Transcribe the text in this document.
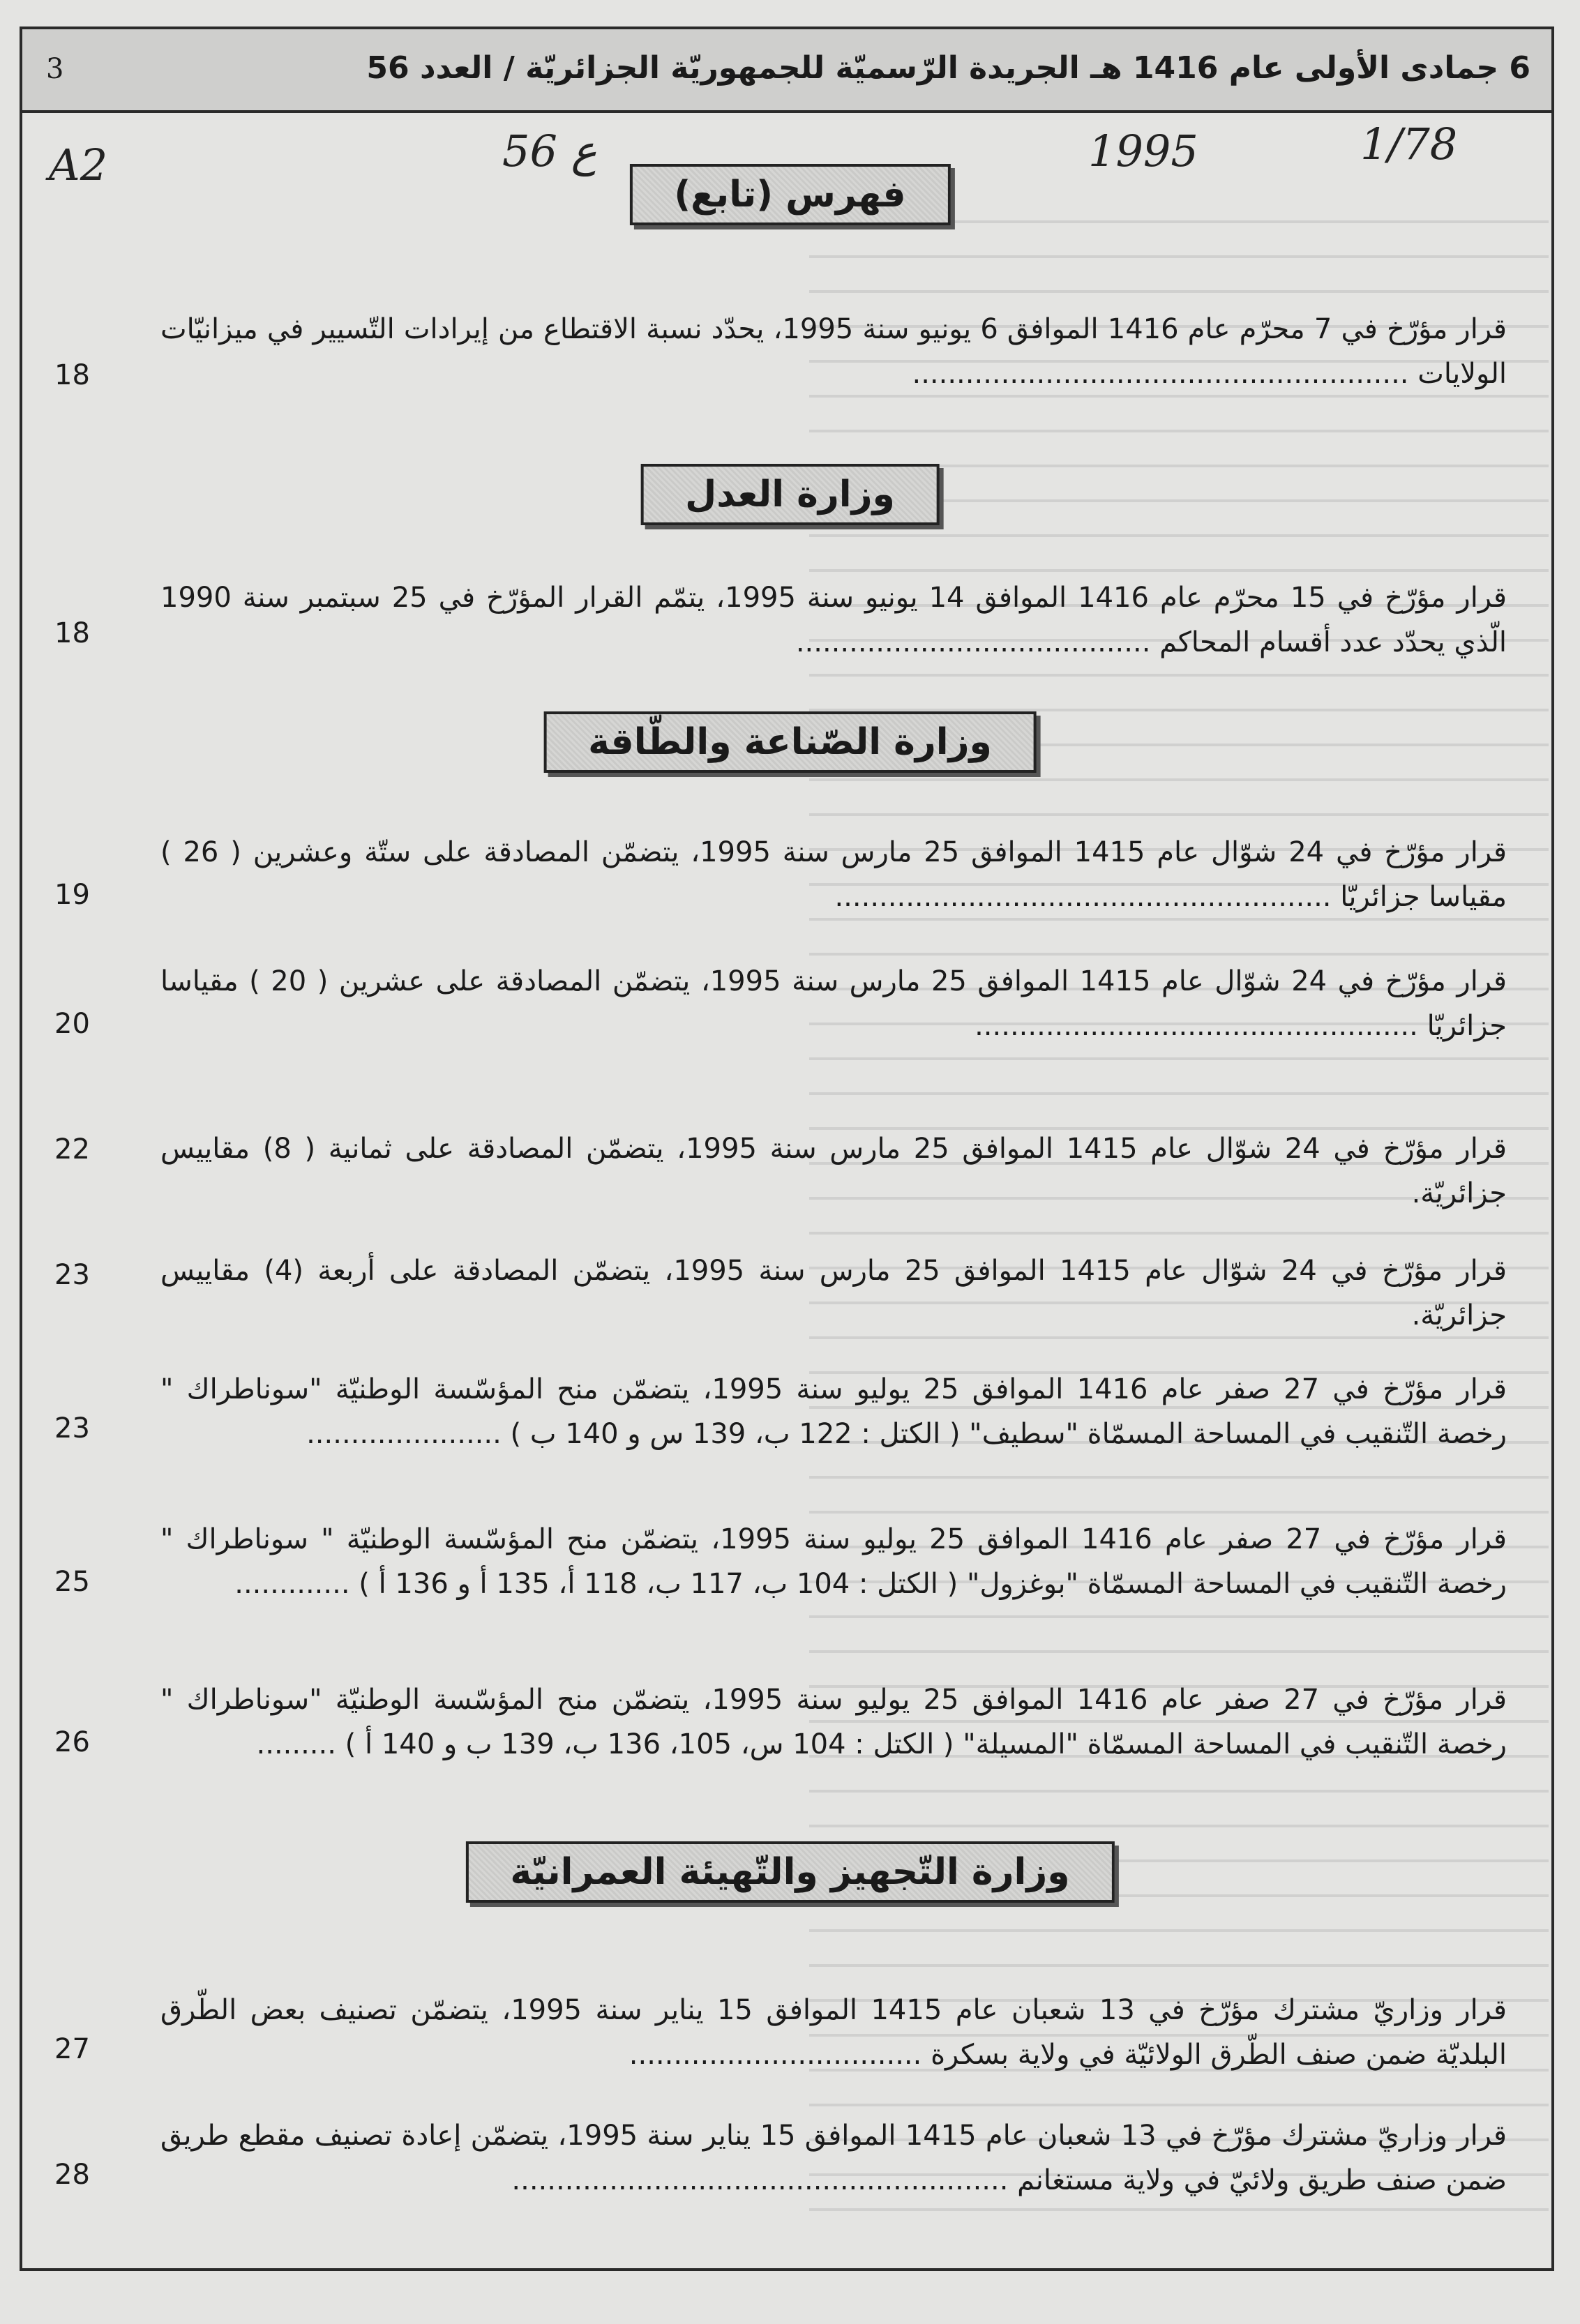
6 جمادى الأولى عام 1416 هـ الجريدة الرّسميّة للجمهوريّة الجزائريّة / العدد 56
3
A2	56 ع	1995	1/78
فهرس (تابع)
قرار مؤرّخ في 7 محرّم عام 1416 الموافق 6 يونيو سنة 1995، يحدّد نسبة الاقتطاع من إيرادات التّسيير في ميزانيّات الولايات ........................................................
18
وزارة العدل
قرار مؤرّخ في 15 محرّم عام 1416 الموافق 14 يونيو سنة 1995، يتمّم القرار المؤرّخ في 25 سبتمبر سنة 1990 الّذي يحدّد عدد أقسام المحاكم ........................................
18
وزارة الصّناعة والطّاقة
قرار مؤرّخ في 24 شوّال عام 1415 الموافق 25 مارس سنة 1995، يتضمّن المصادقة على ستّة وعشرين ( 26 ) مقياسا جزائريّا ........................................................
19
قرار مؤرّخ في 24 شوّال عام 1415 الموافق 25 مارس سنة 1995، يتضمّن المصادقة على عشرين ( 20 ) مقياسا جزائريّا ..................................................
20
قرار مؤرّخ في 24 شوّال عام 1415 الموافق 25 مارس سنة 1995، يتضمّن المصادقة على ثمانية ( 8) مقاييس جزائريّة.
22
قرار مؤرّخ في 24 شوّال عام 1415 الموافق 25 مارس سنة 1995، يتضمّن المصادقة على أربعة (4) مقاييس جزائريّة.
23
قرار مؤرّخ في 27 صفر عام 1416 الموافق 25 يوليو سنة 1995، يتضمّن منح المؤسّسة الوطنيّة "سوناطراك " رخصة التّنقيب في المساحة المسمّاة "سطيف" ( الكتل : 122 ب، 139 س و 140 ب ) ......................
23
قرار مؤرّخ في 27 صفر عام 1416 الموافق 25 يوليو سنة 1995، يتضمّن منح المؤسّسة الوطنيّة " سوناطراك " رخصة التّنقيب في المساحة المسمّاة "بوغزول" ( الكتل : 104 ب، 117 ب، 118 أ، 135 أ و 136 أ ) .............
25
قرار مؤرّخ في 27 صفر عام 1416 الموافق 25 يوليو سنة 1995، يتضمّن منح المؤسّسة الوطنيّة "سوناطراك " رخصة التّنقيب في المساحة المسمّاة "المسيلة" ( الكتل : 104 س، 105، 136 ب، 139 ب و 140 أ ) .........
26
وزارة التّجهيز والتّهيئة العمرانيّة
قرار وزاريّ مشترك مؤرّخ في 13 شعبان عام 1415 الموافق 15 يناير سنة 1995، يتضمّن تصنيف بعض الطّرق البلديّة ضمن صنف الطّرق الولائيّة في ولاية بسكرة .................................
27
قرار وزاريّ مشترك مؤرّخ في 13 شعبان عام 1415 الموافق 15 يناير سنة 1995، يتضمّن إعادة تصنيف مقطع طريق ضمن صنف طريق ولائيّ في ولاية مستغانم ........................................................
28
